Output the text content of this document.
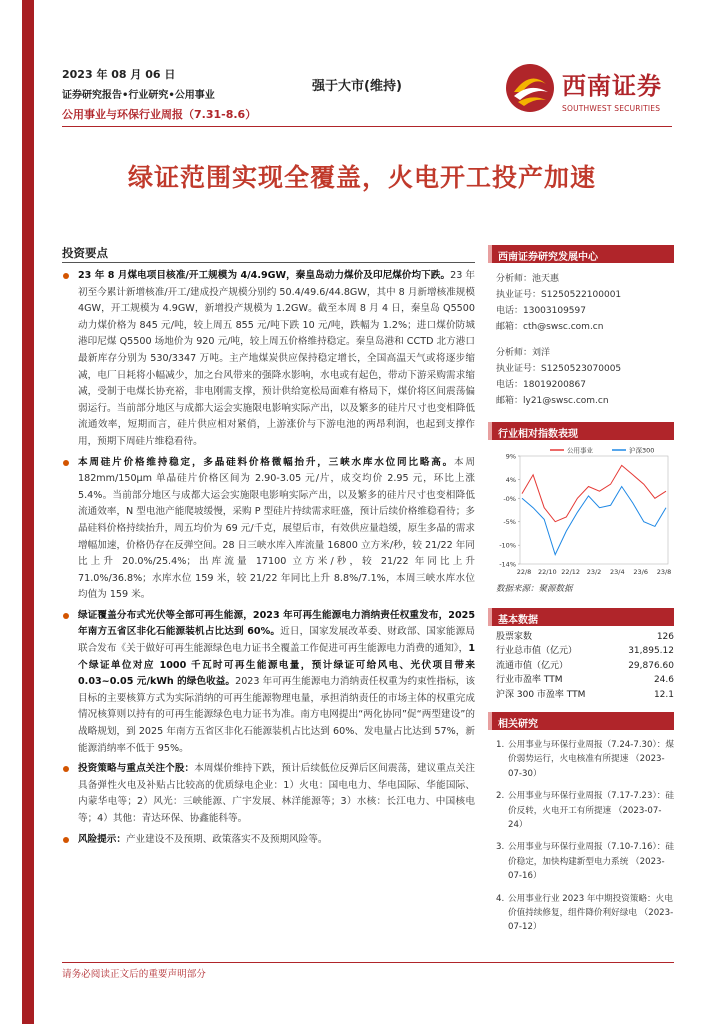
2023 年 08 月 06 日
证券研究报告•行业研究•公用事业
公用事业与环保行业周报（7.31-8.6）
强于大市(维持)	西南证券
SOUTHWEST SECURITIES
绿证范围实现全覆盖，火电开工投产加速
投资要点
23 年 8 月煤电项目核准/开工规模为 4/4.9GW，秦皇岛动力煤价及印尼煤价均下跌。23 年初至今累计新增核准/开工/建成投产规模分别约 50.4/49.6/44.8GW，其中 8 月新增核准规模 4GW，开工规模为 4.9GW，新增投产规模为 1.2GW。截至本周 8 月 4 日，秦皇岛 Q5500 动力煤价格为 845 元/吨，较上周五 855 元/吨下跌 10 元/吨，跌幅为 1.2%；进口煤价防城港印尼煤 Q5500 场地价为 920 元/吨，较上周五价格维持稳定。秦皇岛港和 CCTD 北方港口最新库存分别为 530/3347 万吨。主产地煤炭供应保持稳定增长，全国高温天气或将逐步缩减，电厂日耗将小幅减少，加之台风带来的强降水影响，水电或有起色，带动下游采购需求缩减，受制于电煤长协充裕，非电刚需支撑，预计供给宽松局面难有格局下，煤价将区间震荡偏弱运行。当前部分地区与成都大运会实施限电影响实际产出，以及繁多的硅片尺寸也变相降低流通效率，短期而言，硅片供应相对紧俏，上游涨价与下游电池的两昂利润，也起到支撑作用，预期下周硅片维稳看待。
本周硅片价格维持稳定，多晶硅料价格微幅抬升，三峡水库水位同比略高。本周 182mm/150μm 单晶硅片价格区间为 2.90-3.05 元/片，成交均价 2.95 元，环比上涨 5.4%。当前部分地区与成都大运会实施限电影响实际产出，以及繁多的硅片尺寸也变相降低流通效率，N 型电池产能爬坡缓慢，采购 P 型硅片持续需求旺盛，预计后续价格维稳看待；多晶硅料价格持续抬升，周五均价为 69 元/千克，展望后市，有效供应量趋缓，原生多晶的需求增幅加速，价格仍存在反弹空间。28 日三峡水库入库流量 16800 立方米/秒，较 21/22 年同比上升 20.0%/25.4%；出库流量 17100 立方米/秒，较 21/22 年同比上升 71.0%/36.8%；水库水位 159 米，较 21/22 年同比上升 8.8%/7.1%，本周三峡水库水位均值为 159 米。
绿证覆盖分布式光伏等全部可再生能源，2023 年可再生能源电力消纳责任权重发布，2025 年南方五省区非化石能源装机占比达到 60%。近日，国家发展改革委、财政部、国家能源局联合发布《关于做好可再生能源绿色电力证书全覆盖工作促进可再生能源电力消费的通知》，1 个绿证单位对应 1000 千瓦时可再生能源电量，预计绿证可给风电、光伏项目带来 0.03~0.05 元/kWh 的绿色收益。2023 年可再生能源电力消纳责任权重为约束性指标，该目标的主要核算方式为实际消纳的可再生能源物理电量，承担消纳责任的市场主体的权重完成情况核算则以持有的可再生能源绿色电力证书为准。南方电网提出“两化协同”促“两型建设”的战略规划，到 2025 年南方五省区非化石能源装机占比达到 60%、发电量占比达到 57%，新能源消纳率不低于 95%。
投资策略与重点关注个股：本周煤价维持下跌，预计后续低位反弹后区间震荡，建议重点关注具备弹性火电及补贴占比较高的优质绿电企业：1）火电：国电电力、华电国际、华能国际、内蒙华电等；2）风光：三峡能源、广宇发展、林洋能源等；3）水核：长江电力、中国核电等；4）其他：青达环保、协鑫能科等。
风险提示：产业建设不及预期、政策落实不及预期风险等。
西南证券研究发展中心
分析师：池天惠
执业证号：S1250522100001
电话：13003109597
邮箱：cth@swsc.com.cn
分析师：刘洋
执业证号：S1250523070005
电话：18019200867
邮箱：ly21@swsc.com.cn
行业相对指数表现
9%
4%
-0%
-5%
-10%
-14%
22/8 22/10 22/12 23/2 23/4 23/6 23/8
公用事业	沪深300
数据来源：聚源数据
基本数据
股票家数	126
行业总市值（亿元）	31,895.12
流通市值（亿元）	29,876.60
行业市盈率 TTM	24.6
沪深 300 市盈率 TTM	12.1
相关研究
1. 公用事业与环保行业周报（7.24-7.30）：煤价弱势运行，火电核准有所提速 （2023-07-30）
2. 公用事业与环保行业周报（7.17-7.23）：硅价反转，火电开工有所提速 （2023-07-24）
3. 公用事业与环保行业周报（7.10-7.16）：硅价稳定，加快构建新型电力系统 （2023-07-16）
4. 公用事业行业 2023 年中期投资策略：火电价值持续修复，组件降价利好绿电 （2023-07-12）
请务必阅读正文后的重要声明部分
